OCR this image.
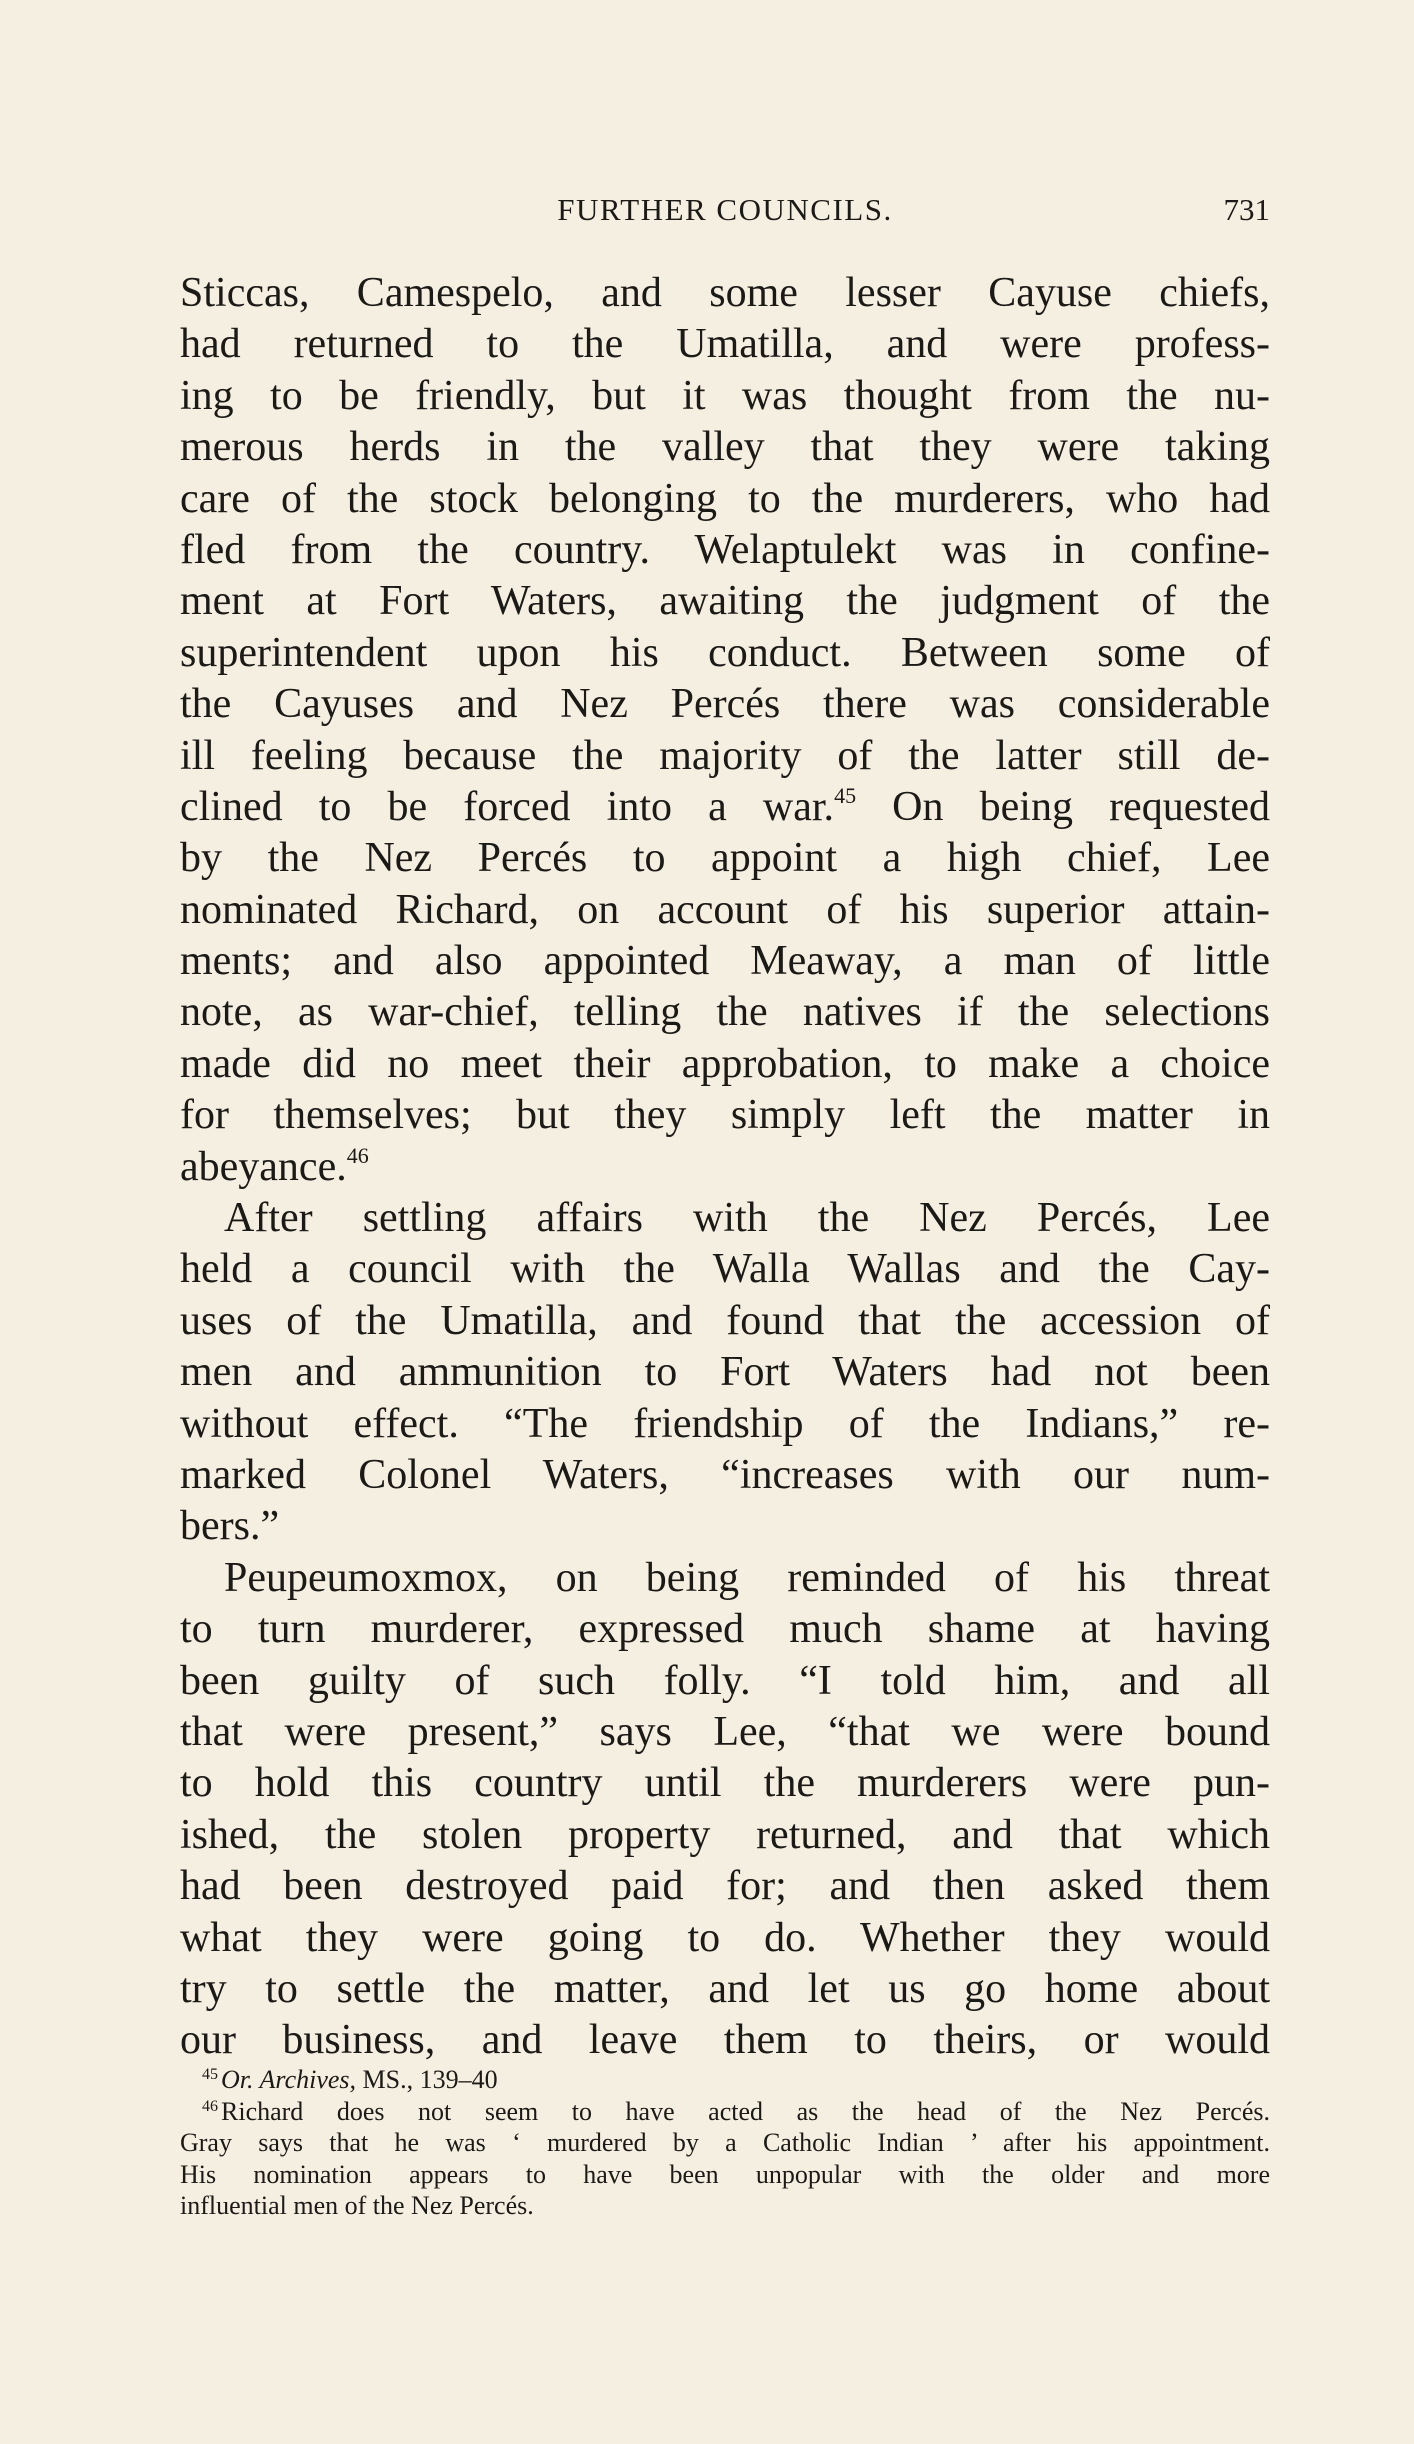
FURTHER COUNCILS.	731
Sticcas, Camespelo, and some lesser Cayuse chiefs,
had returned to the Umatilla, and were profess-
ing to be friendly, but it was thought from the nu-
merous herds in the valley that they were taking
care of the stock belonging to the murderers, who had
fled from the country. Welaptulekt was in confine-
ment at Fort Waters, awaiting the judgment of the
superintendent upon his conduct. Between some of
the Cayuses and Nez Percés there was considerable
ill feeling because the majority of the latter still de-
clined to be forced into a war.$^{45}$ On being requested
by the Nez Percés to appoint a high chief, Lee
nominated Richard, on account of his superior attain-
ments; and also appointed Meaway, a man of little
note, as war-chief, telling the natives if the selections
made did no meet their approbation, to make a choice
for themselves; but they simply left the matter in
abeyance.$^{46}$
After settling affairs with the Nez Percés, Lee
held a council with the Walla Wallas and the Cay-
uses of the Umatilla, and found that the accession of
men and ammunition to Fort Waters had not been
without effect. “The friendship of the Indians,” re-
marked Colonel Waters, “increases with our num-
bers.”
Peupeumoxmox, on being reminded of his threat
to turn murderer, expressed much shame at having
been guilty of such folly. “I told him, and all
that were present,” says Lee, “that we were bound
to hold this country until the murderers were pun-
ished, the stolen property returned, and that which
had been destroyed paid for; and then asked them
what they were going to do. Whether they would
try to settle the matter, and let us go home about
our business, and leave them to theirs, or would
$^{45}$ Or. Archives, MS., 139–40
$^{46}$ Richard does not seem to have acted as the head of the Nez Percés.
Gray says that he was ‘ murdered by a Catholic Indian ’ after his appointment.
His nomination appears to have been unpopular with the older and more
influential men of the Nez Percés.
